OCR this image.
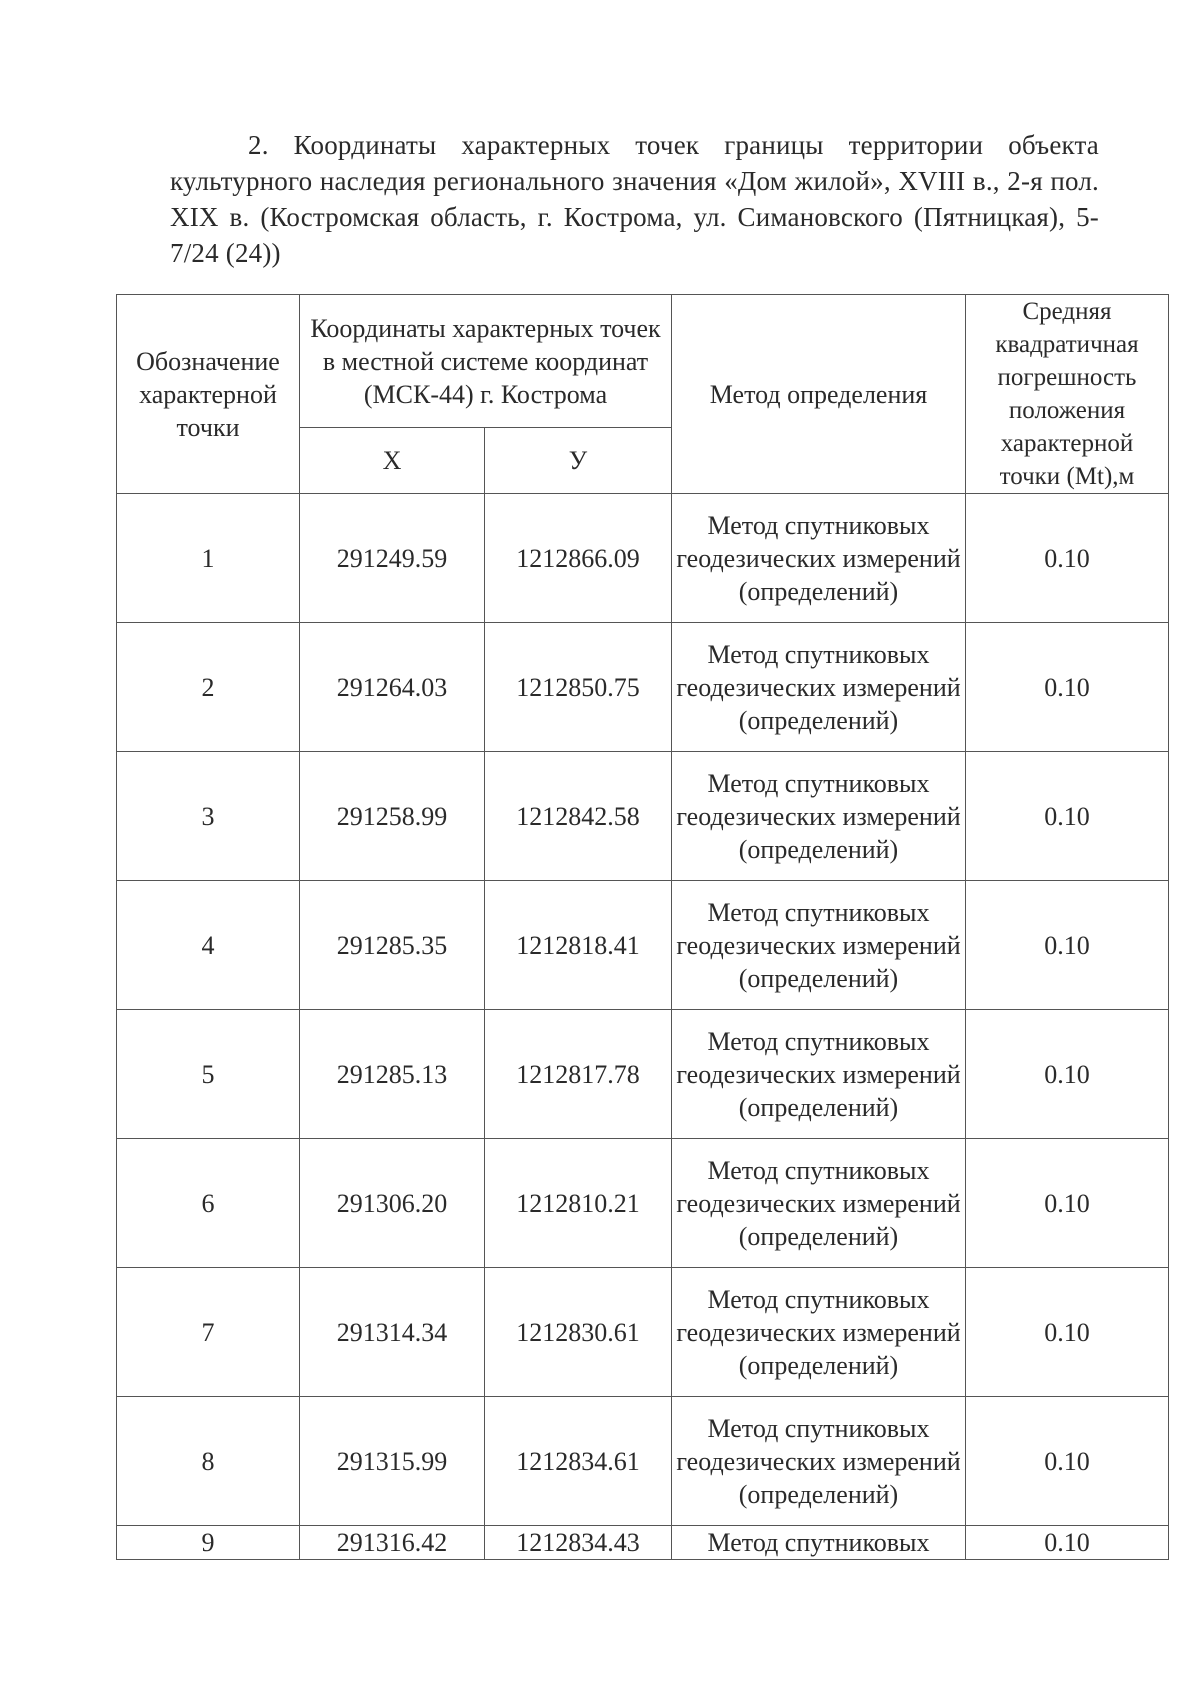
2. Координаты характерных точек границы территории объекта культурного наследия регионального значения «Дом жилой», XVIII в., 2-я пол. XIX в. (Костромская область, г. Кострома, ул. Симановского (Пятницкая), 5-7/24 (24))
Обозначение характерной точки	Координаты характерных точек в местной системе координат (МСК-44) г. Кострома		Метод определения	Средняя квадратичная погрешность положения характерной точки (Mt),м
	X	У		
1	291249.59	1212866.09	Метод спутниковых геодезических измерений (определений)	0.10
2	291264.03	1212850.75	Метод спутниковых геодезических измерений (определений)	0.10
3	291258.99	1212842.58	Метод спутниковых геодезических измерений (определений)	0.10
4	291285.35	1212818.41	Метод спутниковых геодезических измерений (определений)	0.10
5	291285.13	1212817.78	Метод спутниковых геодезических измерений (определений)	0.10
6	291306.20	1212810.21	Метод спутниковых геодезических измерений (определений)	0.10
7	291314.34	1212830.61	Метод спутниковых геодезических измерений (определений)	0.10
8	291315.99	1212834.61	Метод спутниковых геодезических измерений (определений)	0.10
9	291316.42	1212834.43	Метод спутниковых	0.10
